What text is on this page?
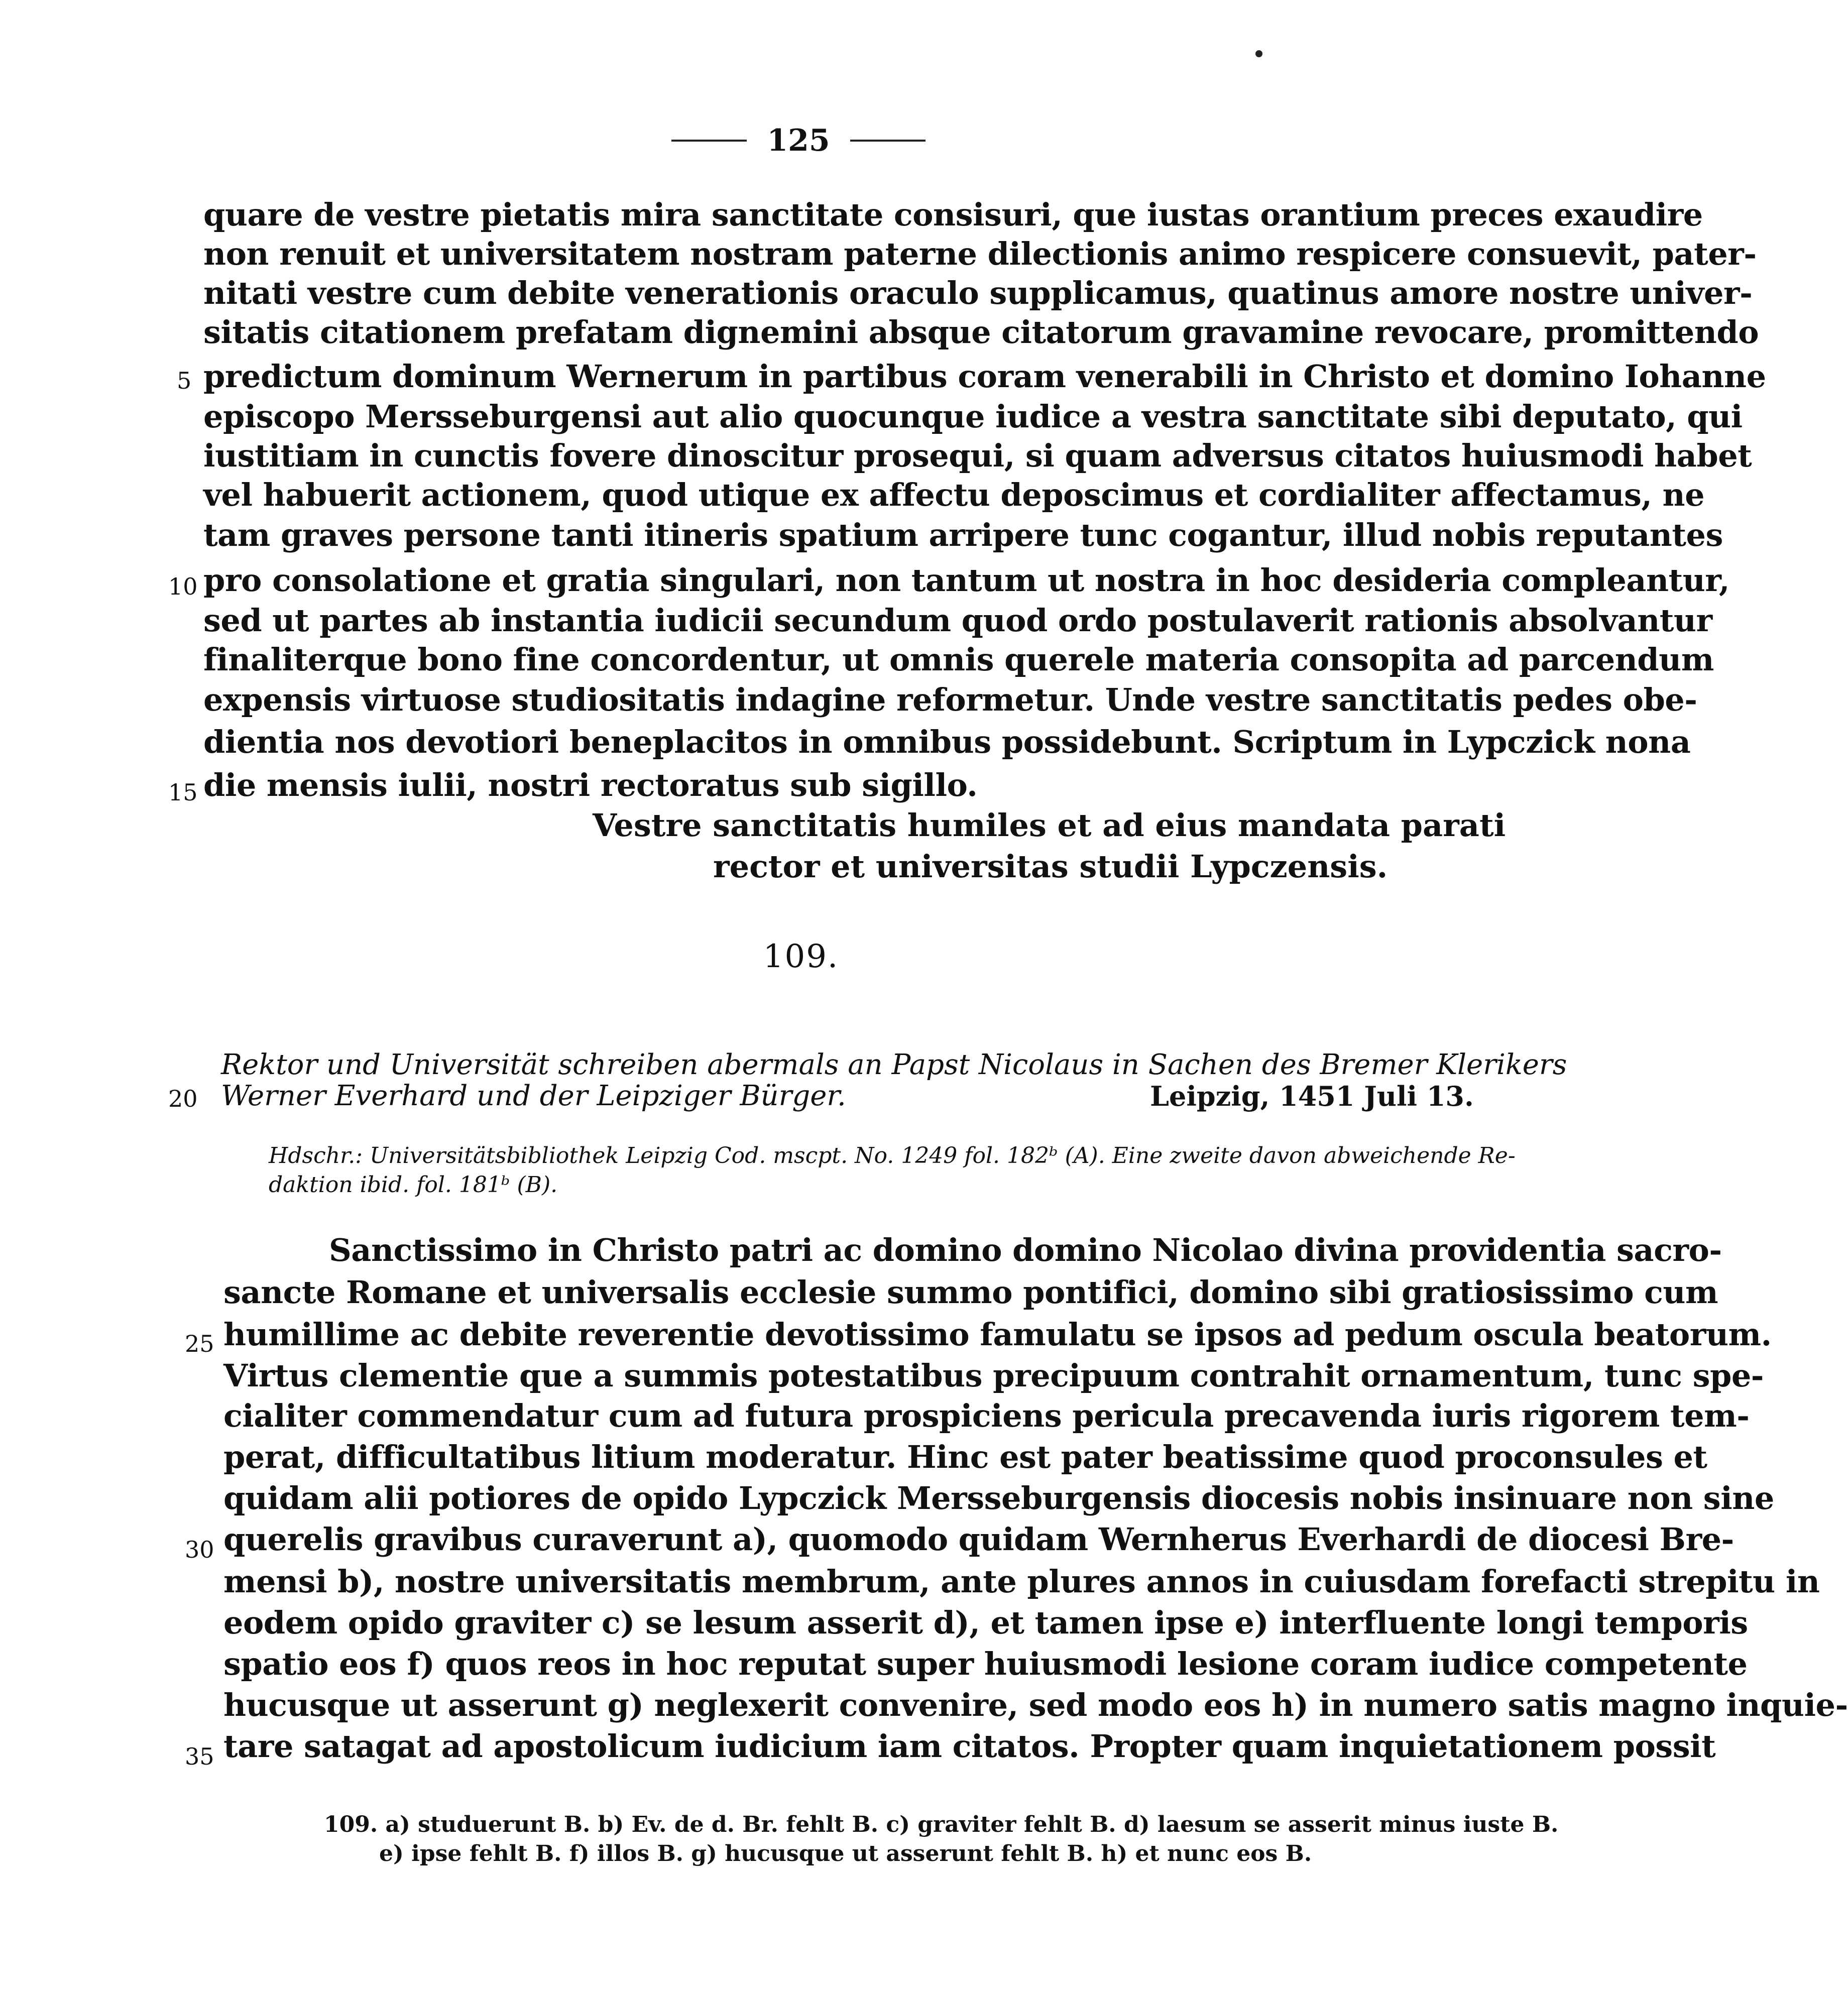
125
quare de vestre pietatis mira sanctitate consisuri, que iustas orantium preces exaudire
non renuit et universitatem nostram paterne dilectionis animo respicere consuevit, pater-
nitati vestre cum debite venerationis oraculo supplicamus, quatinus amore nostre univer-
sitatis citationem prefatam dignemini absque citatorum gravamine revocare, promittendo
predictum dominum Wernerum in partibus coram venerabili in Christo et domino Iohanne
5
episcopo Mersseburgensi aut alio quocunque iudice a vestra sanctitate sibi deputato, qui
iustitiam in cunctis fovere dinoscitur prosequi, si quam adversus citatos huiusmodi habet
vel habuerit actionem, quod utique ex affectu deposcimus et cordialiter affectamus, ne
tam graves persone tanti itineris spatium arripere tunc cogantur, illud nobis reputantes
pro consolatione et gratia singulari, non tantum ut nostra in hoc desideria compleantur,
10
sed ut partes ab instantia iudicii secundum quod ordo postulaverit rationis absolvantur
finaliterque bono fine concordentur, ut omnis querele materia consopita ad parcendum
expensis virtuose studiositatis indagine reformetur. Unde vestre sanctitatis pedes obe-
dientia nos devotiori beneplacitos in omnibus possidebunt. Scriptum in Lypczick nona
die mensis iulii, nostri rectoratus sub sigillo.
15
Vestre sanctitatis humiles et ad eius mandata parati
rector et universitas studii Lypczensis.
109.
Rektor und Universität schreiben abermals an Papst Nicolaus in Sachen des Bremer Klerikers
Werner Everhard und der Leipziger Bürger.
20	Leipzig, 1451 Juli 13.
Hdschr.: Universitätsbibliothek Leipzig Cod. mscpt. No. 1249 fol. 182ᵇ (A). Eine zweite davon abweichende Re-
daktion ibid. fol. 181ᵇ (B).
Sanctissimo in Christo patri ac domino domino Nicolao divina providentia sacro-
sancte Romane et universalis ecclesie summo pontifici, domino sibi gratiosissimo cum
humillime ac debite reverentie devotissimo famulatu se ipsos ad pedum oscula beatorum.
25
Virtus clementie que a summis potestatibus precipuum contrahit ornamentum, tunc spe-
cialiter commendatur cum ad futura prospiciens pericula precavenda iuris rigorem tem-
perat, difficultatibus litium moderatur. Hinc est pater beatissime quod proconsules et
quidam alii potiores de opido Lypczick Mersseburgensis diocesis nobis insinuare non sine
querelis gravibus curaverunt a), quomodo quidam Wernherus Everhardi de diocesi Bre-
30
mensi b), nostre universitatis membrum, ante plures annos in cuiusdam forefacti strepitu in
eodem opido graviter c) se lesum asserit d), et tamen ipse e) interfluente longi temporis
spatio eos f) quos reos in hoc reputat super huiusmodi lesione coram iudice competente
hucusque ut asserunt g) neglexerit convenire, sed modo eos h) in numero satis magno inquie-
tare satagat ad apostolicum iudicium iam citatos. Propter quam inquietationem possit
35
109. a) studuerunt B. b) Ev. de d. Br. fehlt B. c) graviter fehlt B. d) laesum se asserit minus iuste B.
e) ipse fehlt B. f) illos B. g) hucusque ut asserunt fehlt B. h) et nunc eos B.
